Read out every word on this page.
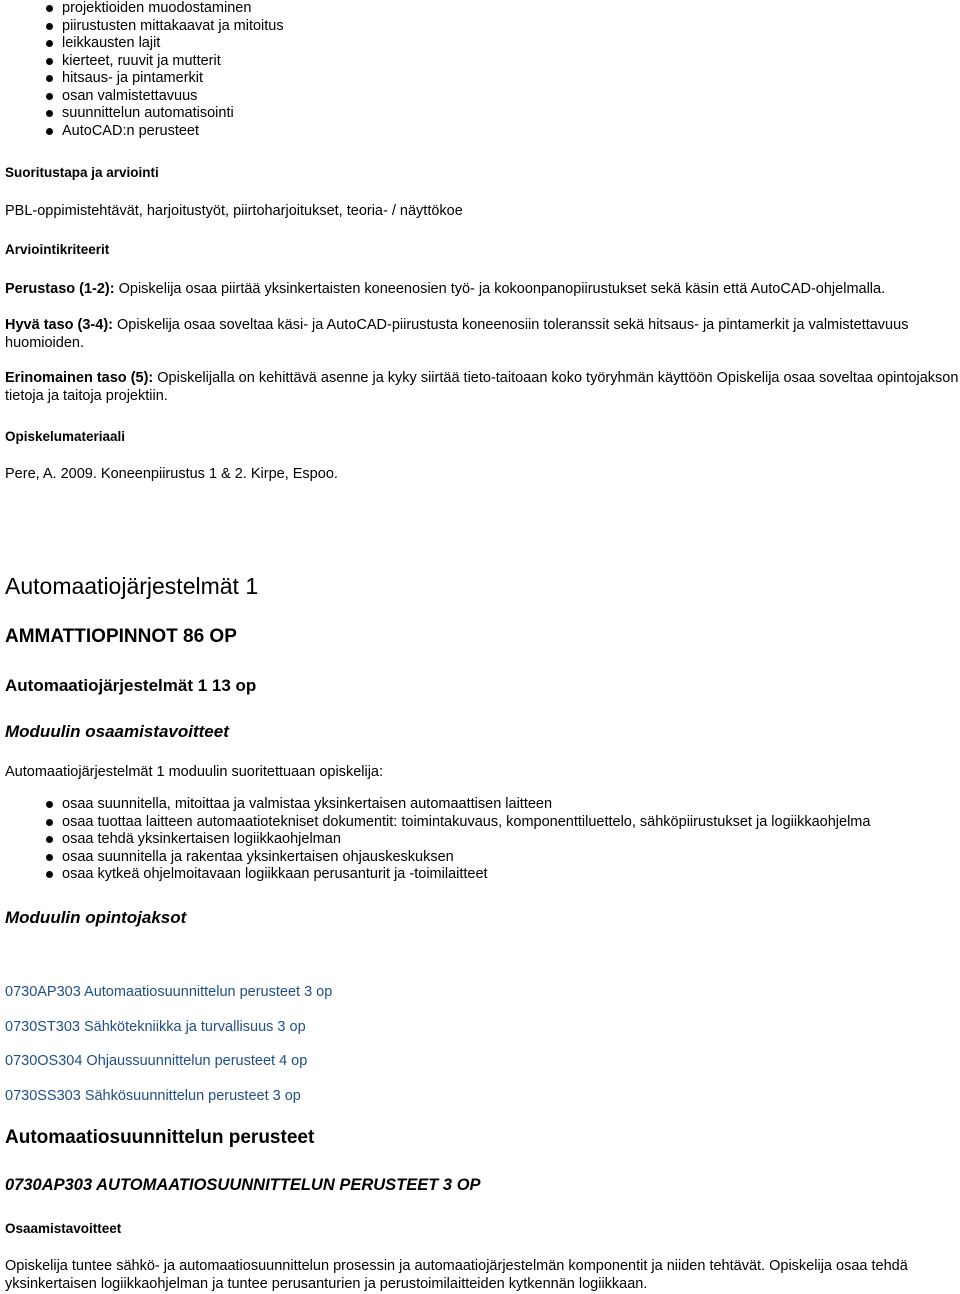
projektioiden muodostaminen
piirustusten mittakaavat ja mitoitus
leikkausten lajit
kierteet, ruuvit ja mutterit
hitsaus- ja pintamerkit
osan valmistettavuus
suunnittelun automatisointi
AutoCAD:n perusteet
Suoritustapa ja arviointi
PBL-oppimistehtävät, harjoitustyöt, piirtoharjoitukset, teoria- / näyttökoe
Arviointikriteerit
Perustaso (1-2): Opiskelija osaa piirtää yksinkertaisten koneenosien työ- ja kokoonpanopiirustukset sekä käsin että AutoCAD-ohjelmalla.
Hyvä taso (3-4): Opiskelija osaa soveltaa käsi- ja AutoCAD-piirustusta koneenosiin toleranssit sekä hitsaus- ja pintamerkit ja valmistettavuus huomioiden.
Erinomainen taso (5): Opiskelijalla on kehittävä asenne ja kyky siirtää tieto-taitoaan koko työryhmän käyttöön Opiskelija osaa soveltaa opintojakson tietoja ja taitoja projektiin.
Opiskelumateriaali
Pere, A. 2009. Koneenpiirustus 1 & 2. Kirpe, Espoo.
Automaatiojärjestelmät 1
AMMATTIOPINNOT 86 OP
Automaatiojärjestelmät 1 13 op
Moduulin osaamistavoitteet
Automaatiojärjestelmät 1 moduulin suoritettuaan opiskelija:
osaa suunnitella, mitoittaa ja valmistaa yksinkertaisen automaattisen laitteen
osaa tuottaa laitteen automaatiotekniset dokumentit: toimintakuvaus, komponenttiluettelo, sähköpiirustukset ja logiikkaohjelma
osaa tehdä yksinkertaisen logiikkaohjelman
osaa suunnitella ja rakentaa yksinkertaisen ohjauskeskuksen
osaa kytkeä ohjelmoitavaan logiikkaan perusanturit ja -toimilaitteet
Moduulin opintojaksot
0730AP303 Automaatiosuunnittelun perusteet 3 op
0730ST303 Sähkötekniikka ja turvallisuus 3 op
0730OS304 Ohjaussuunnittelun perusteet 4 op
0730SS303 Sähkösuunnittelun perusteet 3 op
Automaatiosuunnittelun perusteet
0730AP303 AUTOMAATIOSUUNNITTELUN PERUSTEET 3 OP
Osaamistavoitteet
Opiskelija tuntee sähkö- ja automaatiosuunnittelun prosessin ja automaatiojärjestelmän komponentit ja niiden tehtävät. Opiskelija osaa tehdä yksinkertaisen logiikkaohjelman ja tuntee perusanturien ja perustoimilaitteiden kytkennän logiikkaan.
